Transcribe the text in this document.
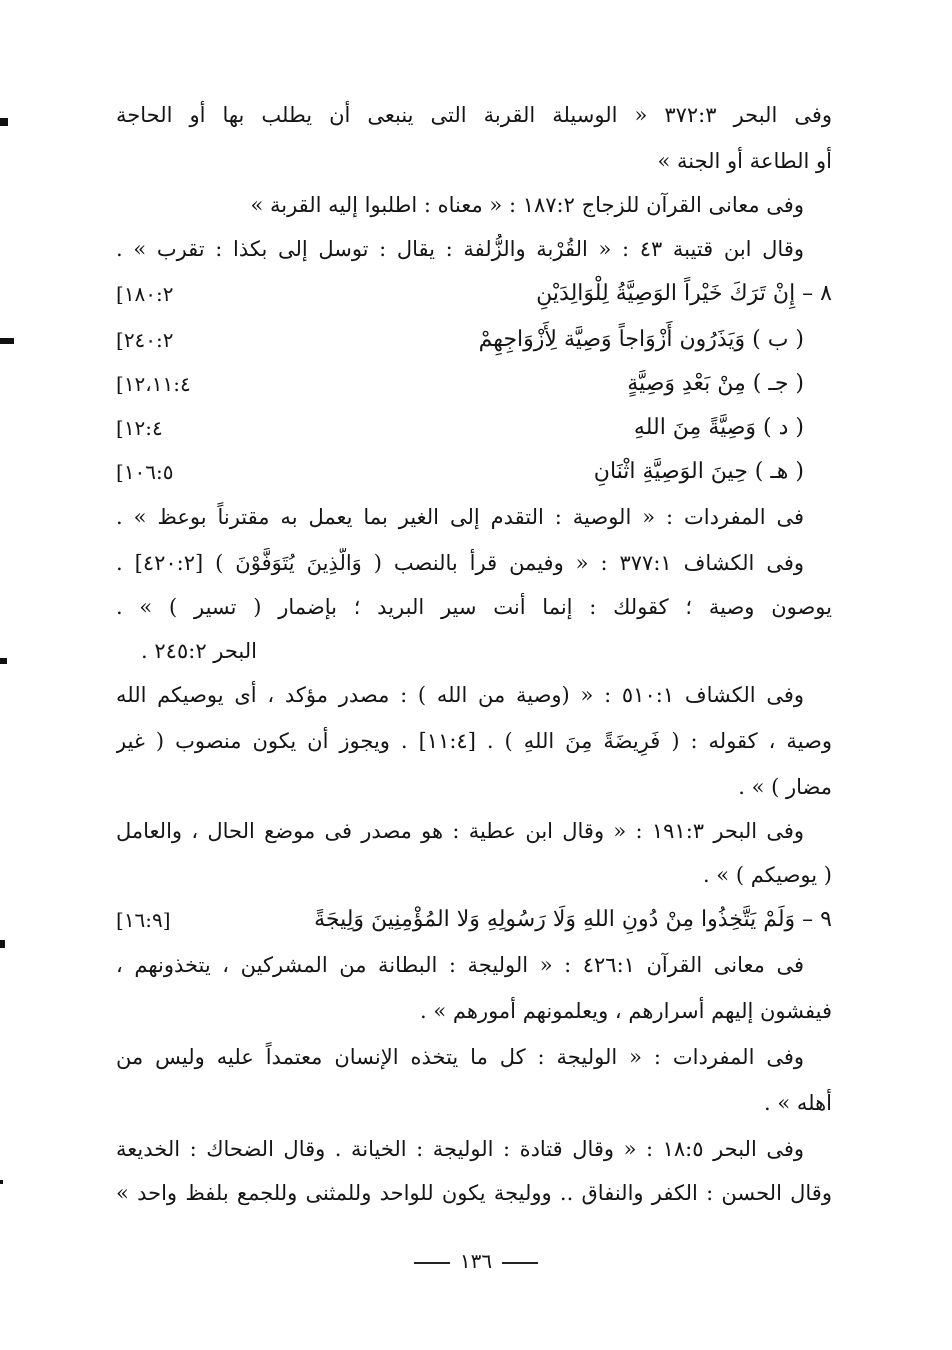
وفى البحر ٣٧٢:٣ « الوسيلة القربة التى ينبعى أن يطلب بها أو الحاجة
أو الطاعة أو الجنة »
وفى معانى القرآن للزجاج ١٨٧:٢ : « معناه : اطلبوا إليه القربة »
وقال ابن قتيبة ٤٣ : « القُرْبة والزُّلفة : يقال : توسل إلى بكذا : تقرب » .
٨ – إِنْ تَرَكَ خَيْراً الوَصِيَّةُ لِلْوَالِدَيْنِ
[١٨٠:٢
( ب ) وَيَذَرُون أَزْوَاجاً وَصِيَّة لِأَزْوَاجِهِمْ
[٢٤٠:٢
( جـ ) مِنْ بَعْدِ وَصِيَّةٍ
[١٢،١١:٤
( د ) وَصِيَّةً مِنَ اللهِ
[١٢:٤
( هـ ) حِينَ الوَصِيَّةِ اثْنَانِ
[١٠٦:٥
فى المفردات : « الوصية : التقدم إلى الغير بما يعمل به مقترناً بوعظ » .
وفى الكشاف ٣٧٧:١ : « وفيمن قرأ بالنصب ( وَالَّذِينَ يُتَوَفَّوْنَ ) [٤٢٠:٢] .
يوصون وصية ؛ كقولك : إنما أنت سير البريد ؛ بإضمار ( تسير ) » .
البحر ٢٤٥:٢ .
وفى الكشاف ٥١٠:١ : « (وصية من الله ) : مصدر مؤكد ، أى يوصيكم الله
وصية ، كقوله : ( فَرِيضَةً مِنَ اللهِ ) . [١١:٤] . ويجوز أن يكون منصوب ( غير
مضار ) » .
وفى البحر ١٩١:٣ : « وقال ابن عطية : هو مصدر فى موضع الحال ، والعامل
( يوصيكم ) » .
٩ – وَلَمْ يَتَّخِذُوا مِنْ دُونِ اللهِ وَلَا رَسُولِهِ وَلا المُؤْمِنِينَ وَلِيجَةً
[١٦:٩]
فى معانى القرآن ٤٢٦:١ : « الوليجة : البطانة من المشركين ، يتخذونهم ،
فيفشون إليهم أسرارهم ، ويعلمونهم أمورهم » .
وفى المفردات : « الوليجة : كل ما يتخذه الإنسان معتمداً عليه وليس من
أهله » .
وفى البحر ١٨:٥ : « وقال قتادة : الوليجة : الخيانة . وقال الضحاك : الخديعة
وقال الحسن : الكفر والنفاق .. ووليجة يكون للواحد وللمثنى وللجمع بلفظ واحد »
١٣٦
